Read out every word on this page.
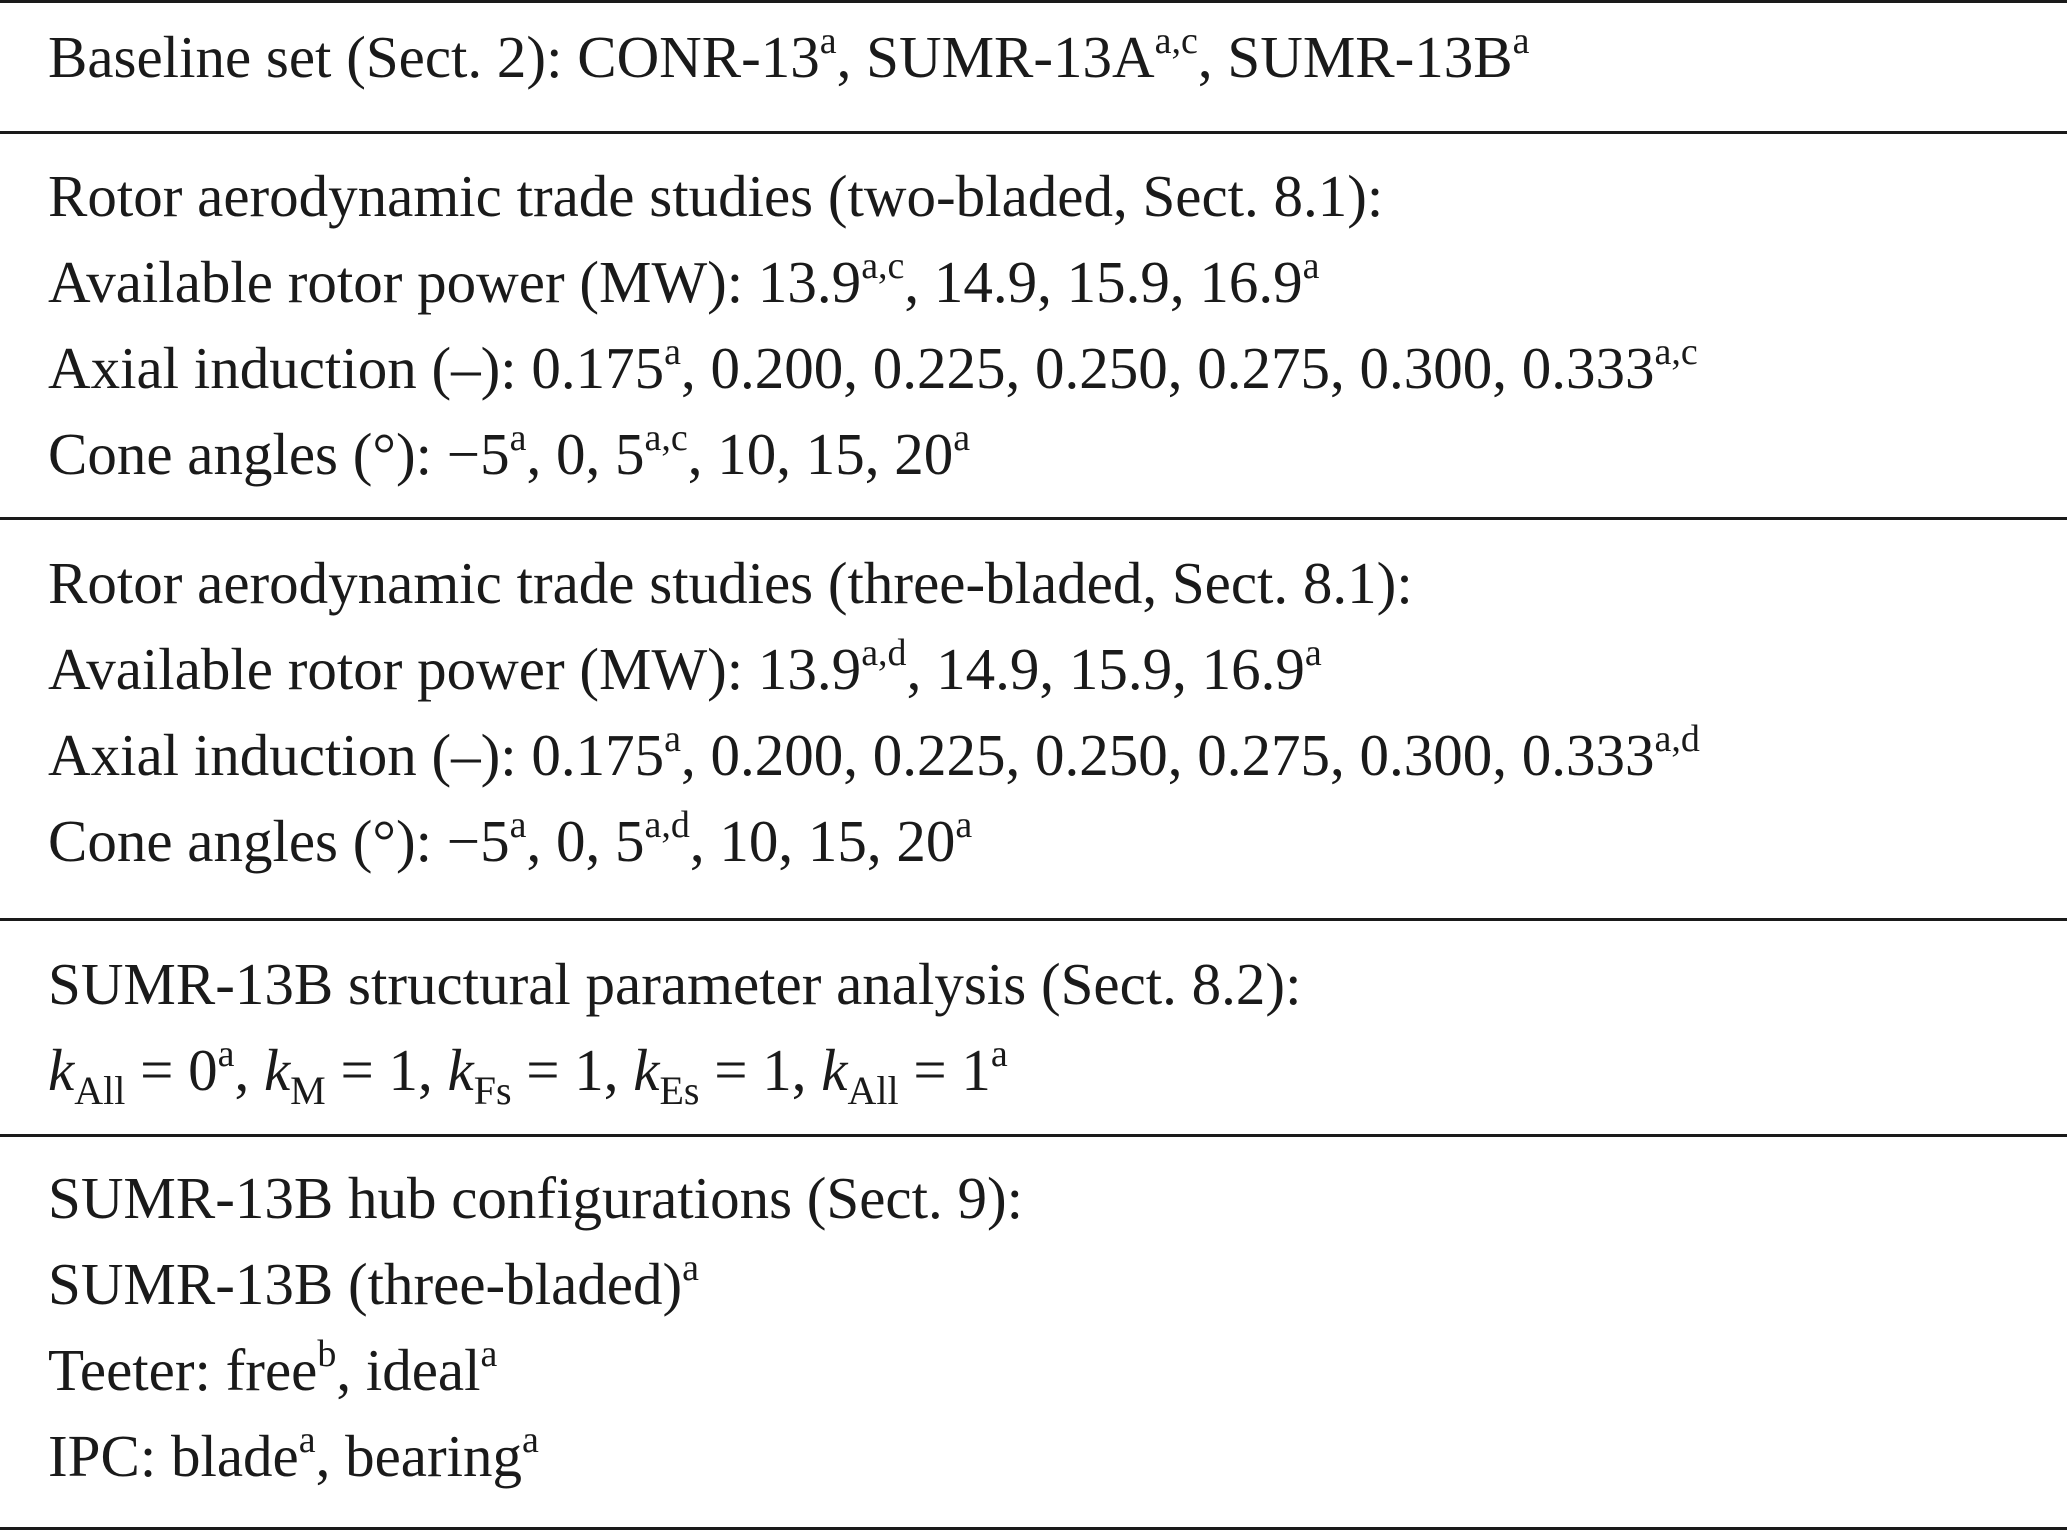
Baseline set (Sect. 2): CONR-13$^a$, SUMR-$13A^{a,c}$, SUMR-$13B^a$
Rotor aerodynamic trade studies (two-bladed, Sect. 8.1):
Available rotor power (MW): 13.9$^{a,c}$, 14.9, 15.9, 16.9$^a$
Axial induction (–): 0.175$^a$, 0.200, 0.225, 0.250, 0.275, 0.300, 0.333$^{a,c}$
Cone angles (°): $-5^a$, 0, 5$^{a,c}$, 10, 15, 20$^a$
Rotor aerodynamic trade studies (three-bladed, Sect. 8.1):
Available rotor power (MW): 13.9$^{a,d}$, 14.9, 15.9, 16.9$^a$
Axial induction (–): 0.175$^a$, 0.200, 0.225, 0.250, 0.275, 0.300, 0.333$^{a,d}$
Cone angles (°): $-5^a$, 0, 5$^{a,d}$, 10, 15, 20$^a$
SUMR-13B structural parameter analysis (Sect. 8.2):
$k_{All} = 0^a$, $k_M = 1$, $k_{Fs} = 1$, $k_{Es} = 1$, $k_{All} = 1^a$
SUMR-13B hub configurations (Sect. 9):
SUMR-13B (three-bladed)$^a$
Teeter: free$^b$, ideal$^a$
IPC: blade$^a$, bearing$^a$
